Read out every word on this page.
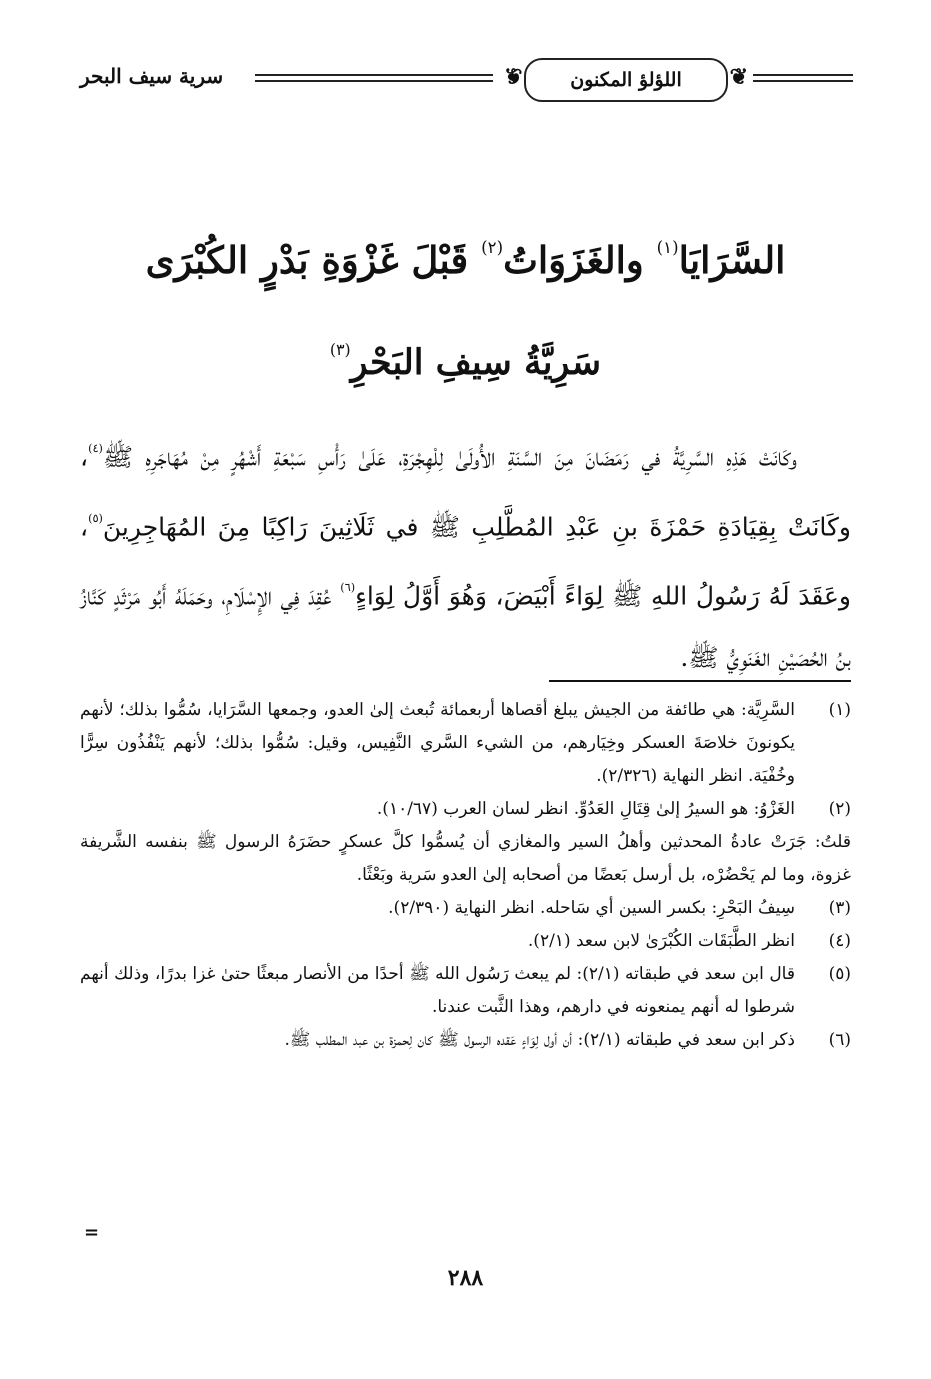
❦ اللؤلؤ المكنون ❦
سرية سيف البحر
السَّرَايَا$^{(١)}$ والغَزَوَاتُ$^{(٢)}$ قَبْلَ غَزْوَةِ بَدْرٍ الكُبْرَى
سَرِيَّةُ سِيفِ البَحْرِ$^{(٣)}$
وكَانَتْ هَذِهِ السَّرِيَّةُ في رَمَضَانَ مِنَ السَّنَةِ الأُولَىٰ لِلْهِجْرَةِ، عَلَىٰ رَأْسِ سَبْعَةِ أَشْهُرٍ مِنْ مُهَاجَرِهِ ﷺ$^{(٤)}$، وكَانَتْ بِقِيَادَةِ حَمْزَةَ بنِ عَبْدِ المُطَّلِبِ ﷺ في ثَلَاثِينَ رَاكِبًا مِنَ المُهَاجِرِينَ$^{(٥)}$، وعَقَدَ لَهُ رَسُولُ اللهِ ﷺ لِوَاءً أَبْيَضَ، وَهُوَ أَوَّلُ لِوَاءٍ$^{(٦)}$ عُقِدَ فِي الإِسْلَامِ، وحَمَلَهُ أَبُو مَرْثَدٍ كَنَّازُ بنُ الحُصَيْنِ الغَنَوِيُّ ﷺ.
(١)
السَّرِيَّة: هي طائفة من الجيش يبلغ أقصاها أربعمائة تُبعث إلىٰ العدو، وجمعها السَّرَايا، سُمُّوا بذلك؛ لأنهم يكونونَ خلاصَةَ العسكر وخِيَارهم، من الشيء السَّري النَّفِيس، وقيل: سُمُّوا بذلك؛ لأنهم يَنْفُذُون سِرًّا وخُفْيَة. انظر النهاية (٢/٣٢٦).
(٢)
الغَزْوُ: هو السيرُ إلىٰ قِتَالِ العَدُوِّ. انظر لسان العرب (١٠/٦٧).
قلتُ: جَرَتْ عادةُ المحدثين وأهلُ السير والمغازي أن يُسمُّوا كلَّ عسكرٍ حضَرَهُ الرسول ﷺ بنفسه الشَّريفة غزوة، وما لم يَحْضُرْه، بل أرسل بَعضًا من أصحابه إلىٰ العدو سَرية وبَعْثًا.
(٣)
سِيفُ البَحْرِ: بكسر السين أي سَاحله. انظر النهاية (٢/٣٩٠).
(٤)
انظر الطَّبَقَات الكُبْرَىٰ لابن سعد (٢/١).
(٥)
قال ابن سعد في طبقاته (٢/١): لم يبعث رَسُول الله ﷺ أحدًا من الأنصار مبعثًا حتىٰ غزا بدرًا، وذلك أنهم شرطوا له أنهم يمنعونه في دارهم، وهذا الثَّبت عندنا.
(٦)
ذكر ابن سعد في طبقاته (٢/١): أن أول لِوَاءٍ عَقده الرسول ﷺ كان لِحمزة بن عبد المطلب ﷺ.
=
٢٨٨
